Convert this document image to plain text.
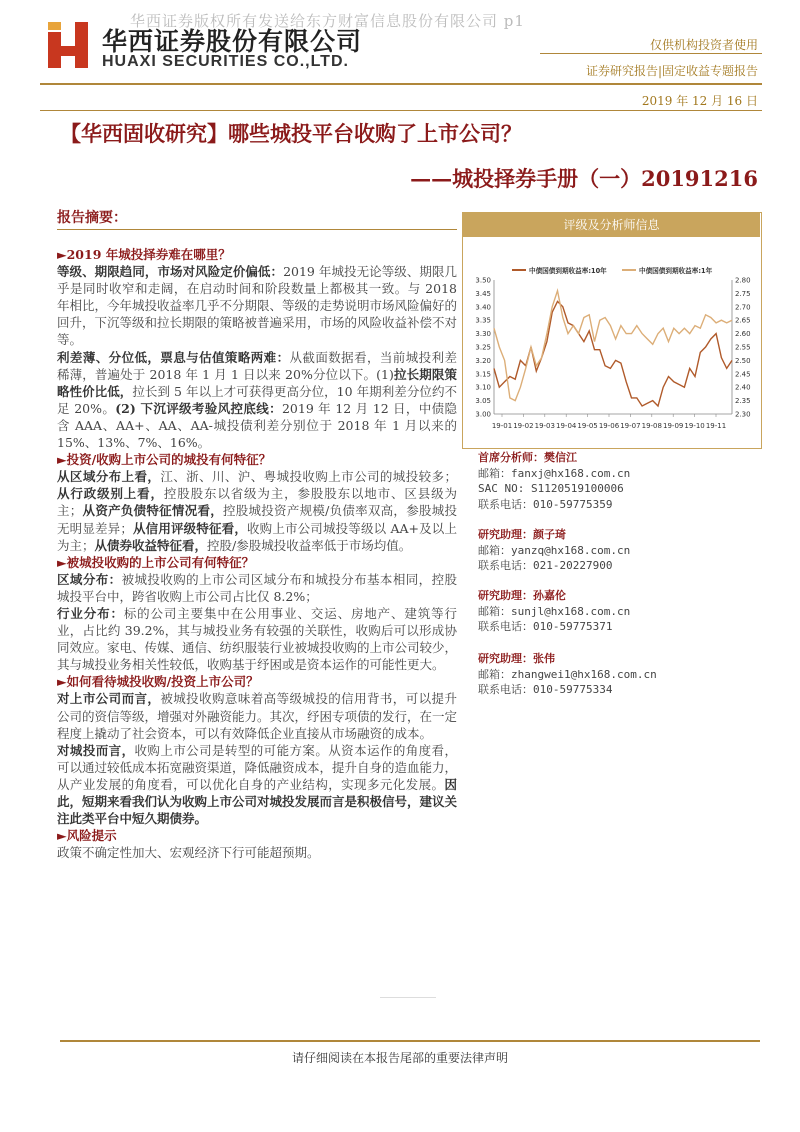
华西证券版权所有发送给东方财富信息股份有限公司 p1
华西证券股份有限公司
HUAXI SECURITIES CO.,LTD.
仅供机构投资者使用
证券研究报告|固定收益专题报告
2019 年 12 月 16 日
【华西固收研究】哪些城投平台收购了上市公司？
——城投择券手册（一）20191216
报告摘要：

►2019 年城投择券难在哪里？

等级、期限趋同，市场对风险定价偏低：2019 年城投无论等级、期限几乎是同时收窄和走阔，在启动时间和阶段数量上都极其一致。与 2018 年相比，今年城投收益率几乎不分期限、等级的走势说明市场风险偏好的回升，下沉等级和拉长期限的策略被普遍采用，市场的风险收益补偿不对等。

利差薄、分位低，票息与估值策略两难：从截面数据看，当前城投利差稀薄，普遍处于 2018 年 1 月 1 日以来 20%分位以下。(1)拉长期限策略性价比低，拉长到 5 年以上才可获得更高分位，10 年期利差分位约不足 20%。(2) 下沉评级考验风控底线：2019 年 12 月 12 日，中债隐含 AAA、AA+、AA、AA-城投债利差分别位于 2018 年 1 月以来的 15%、13%、7%、16%。

►投资/收购上市公司的城投有何特征？

从区域分布上看，江、浙、川、沪、粤城投收购上市公司的城投较多；从行政级别上看，控股股东以省级为主，参股股东以地市、区县级为主；从资产负债特征情况看，控股城投资产规模/负债率双高，参股城投无明显差异；从信用评级特征看，收购上市公司城投等级以 AA+及以上为主；从债券收益特征看，控股/参股城投收益率低于市场均值。

►被城投收购的上市公司有何特征？

区域分布：被城投收购的上市公司区域分布和城投分布基本相同，控股城投平台中，跨省收购上市公司占比仅 8.2%；

行业分布：标的公司主要集中在公用事业、交运、房地产、建筑等行业，占比约 39.2%，其与城投业务有较强的关联性，收购后可以形成协同效应。家电、传媒、通信、纺织服装行业被城投收购的上市公司较少，其与城投业务相关性较低，收购基于纾困或是资本运作的可能性更大。

►如何看待城投收购/投资上市公司？

对上市公司而言，被城投收购意味着高等级城投的信用背书，可以提升公司的资信等级，增强对外融资能力。其次，纾困专项债的发行，在一定程度上撬动了社会资本，可以有效降低企业直接从市场融资的成本。

对城投而言，收购上市公司是转型的可能方案。从资本运作的角度看，可以通过较低成本拓宽融资渠道，降低融资成本，提升自身的造血能力，从产业发展的角度看，可以优化自身的产业结构，实现多元化发展。因此，短期来看我们认为收购上市公司对城投发展而言是积极信号，建议关注此类平台中短久期债券。

►风险提示

政策不确定性加大、宏观经济下行可能超预期。

评级及分析师信息
3.50
3.45
3.40
3.35
3.30
3.25
3.20
3.15
3.10
3.05
3.00
2.80
2.75
2.70
2.65
2.60
2.55
2.50
2.45
2.40
2.35
2.30
19-01 19-02 19-03 19-04 19-05 19-06 19-07 19-08 19-09 19-10 19-11
中债国债到期收益率:10年	中债国债到期收益率:1年
首席分析师：樊信江
邮箱：fanxj@hx168.com.cn
SAC NO: S1120519100006
联系电话：010-59775359
研究助理：颜子琦
邮箱：yanzq@hx168.com.cn
联系电话：021-20227900
研究助理：孙嘉伦
邮箱：sunjl@hx168.com.cn
联系电话：010-59775371
研究助理：张伟
邮箱：zhangwei1@hx168.com.cn
联系电话：010-59775334
请仔细阅读在本报告尾部的重要法律声明
